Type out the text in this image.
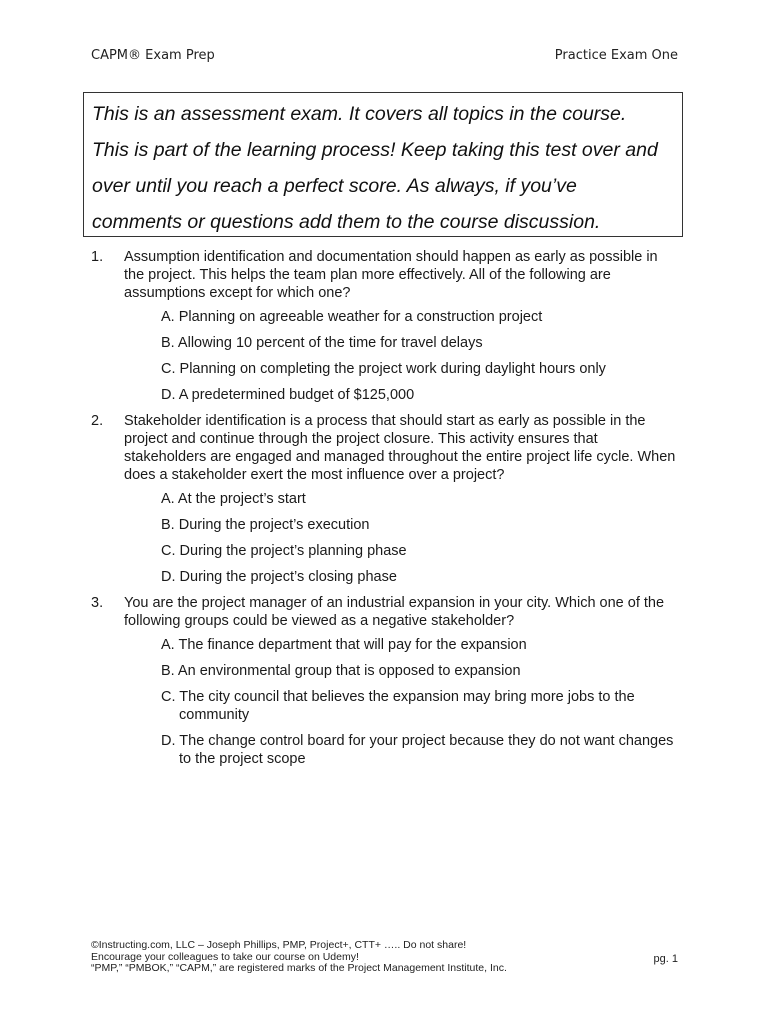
CAPM® Exam Prep	Practice Exam One
This is an assessment exam. It covers all topics in the course.
This is part of the learning process! Keep taking this test over and
over until you reach a perfect score. As always, if you’ve
comments or questions add them to the course discussion.
1. Assumption identification and documentation should happen as early as possible in the project. This helps the team plan more effectively. All of the following are assumptions except for which one?
A. Planning on agreeable weather for a construction project
B. Allowing 10 percent of the time for travel delays
C. Planning on completing the project work during daylight hours only
D. A predetermined budget of $125,000
2. Stakeholder identification is a process that should start as early as possible in the project and continue through the project closure. This activity ensures that stakeholders are engaged and managed throughout the entire project life cycle. When does a stakeholder exert the most influence over a project?
A. At the project’s start
B. During the project’s execution
C. During the project’s planning phase
D. During the project’s closing phase
3. You are the project manager of an industrial expansion in your city. Which one of the following groups could be viewed as a negative stakeholder?
A. The finance department that will pay for the expansion
B. An environmental group that is opposed to expansion
C. The city council that believes the expansion may bring more jobs to the community
D. The change control board for your project because they do not want changes to the project scope
©Instructing.com, LLC – Joseph Phillips, PMP, Project+, CTT+ ….. Do not share!
Encourage your colleagues to take our course on Udemy!
“PMP,” “PMBOK,” “CAPM,” are registered marks of the Project Management Institute, Inc.
pg. 1
